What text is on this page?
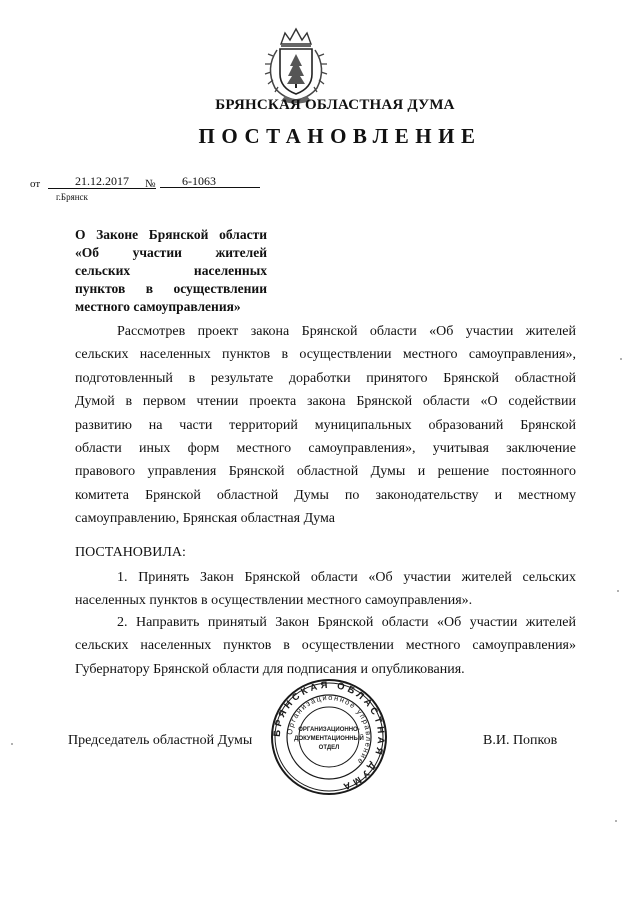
БРЯНСКАЯ ОБЛАСТНАЯ ДУМА
ПОСТАНОВЛЕНИЕ
от	21.12.2017	№	6-1063
г.Брянск
О Законе Брянской области
«Об участии жителей
сельских населенных
пунктов в осуществлении
местного самоуправления»
Рассмотрев проект закона Брянской области «Об участии жителей
сельских населенных пунктов в осуществлении местного самоуправления»,
подготовленный в результате доработки принятого Брянской областной
Думой в первом чтении проекта закона Брянской области «О содействии
развитию на части территорий муниципальных образований Брянской
области иных форм местного самоуправления», учитывая заключение
правового управления Брянской областной Думы и решение постоянного
комитета Брянской областной Думы по законодательству и местному
самоуправлению, Брянская областная Дума
ПОСТАНОВИЛА:
1. Принять Закон Брянской области «Об участии жителей сельских
населенных пунктов в осуществлении местного самоуправления».
2. Направить принятый Закон Брянской области «Об участии жителей
сельских населенных пунктов в осуществлении местного самоуправления»
Губернатору Брянской области для подписания и опубликования.
Председатель областной Думы	В.И. Попков
БРЯНСКАЯ ОБЛАСТНАЯ ДУМА
Организационное управление
ОРГАНИЗАЦИОННО-
ДОКУМЕНТАЦИОННЫЙ
ОТДЕЛ
